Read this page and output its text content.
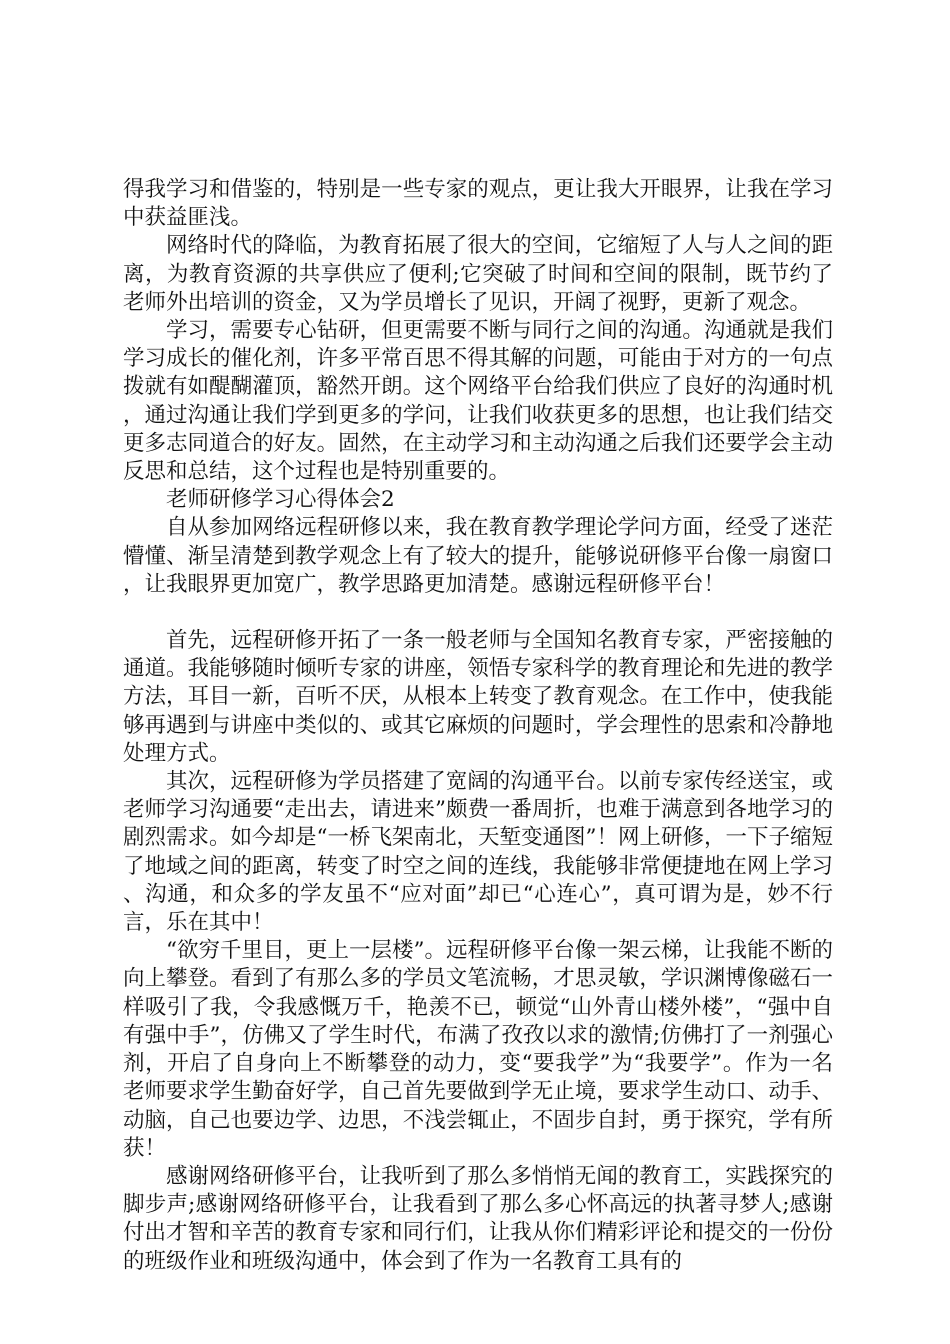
得我学习和借鉴的，特别是一些专家的观点，更让我大开眼界，让我在学习中获益匪浅。

网络时代的降临，为教育拓展了很大的空间，它缩短了人与人之间的距离，为教育资源的共享供应了便利;它突破了时间和空间的限制，既节约了老师外出培训的资金，又为学员增长了见识，开阔了视野，更新了观念。

学习，需要专心钻研，但更需要不断与同行之间的沟通。沟通就是我们学习成长的催化剂，许多平常百思不得其解的问题，可能由于对方的一句点拨就有如醍醐灌顶，豁然开朗。这个网络平台给我们供应了良好的沟通时机，通过沟通让我们学到更多的学问，让我们收获更多的思想，也让我们结交更多志同道合的好友。固然，在主动学习和主动沟通之后我们还要学会主动反思和总结，这个过程也是特别重要的。

老师研修学习心得体会2

自从参加网络远程研修以来，我在教育教学理论学问方面，经受了迷茫懵懂、渐呈清楚到教学观念上有了较大的提升，能够说研修平台像一扇窗口，让我眼界更加宽广，教学思路更加清楚。感谢远程研修平台！

首先，远程研修开拓了一条一般老师与全国知名教育专家，严密接触的通道。我能够随时倾听专家的讲座，领悟专家科学的教育理论和先进的教学方法，耳目一新，百听不厌，从根本上转变了教育观念。在工作中，使我能够再遇到与讲座中类似的、或其它麻烦的问题时，学会理性的思索和冷静地处理方式。

其次，远程研修为学员搭建了宽阔的沟通平台。以前专家传经送宝，或老师学习沟通要“走出去，请进来”颇费一番周折，也难于满意到各地学习的剧烈需求。如今却是“一桥飞架南北，天堑变通图”！网上研修，一下子缩短了地域之间的距离，转变了时空之间的连线，我能够非常便捷地在网上学习、沟通，和众多的学友虽不“应对面”却已“心连心”，真可谓为是，妙不行言，乐在其中！

“欲穷千里目，更上一层楼”。远程研修平台像一架云梯，让我能不断的向上攀登。看到了有那么多的学员文笔流畅，才思灵敏，学识渊博像磁石一样吸引了我，令我感慨万千，艳羡不已，顿觉“山外青山楼外楼”，“强中自有强中手”，仿佛又了学生时代，布满了孜孜以求的激情;仿佛打了一剂强心剂，开启了自身向上不断攀登的动力，变“要我学”为“我要学”。作为一名老师要求学生勤奋好学，自己首先要做到学无止境，要求学生动口、动手、动脑，自己也要边学、边思，不浅尝辄止，不固步自封，勇于探究，学有所获！

感谢网络研修平台，让我听到了那么多悄悄无闻的教育工，实践探究的脚步声;感谢网络研修平台，让我看到了那么多心怀高远的执著寻梦人;感谢付出才智和辛苦的教育专家和同行们，让我从你们精彩评论和提交的一份份的班级作业和班级沟通中，体会到了作为一名教育工具有的
